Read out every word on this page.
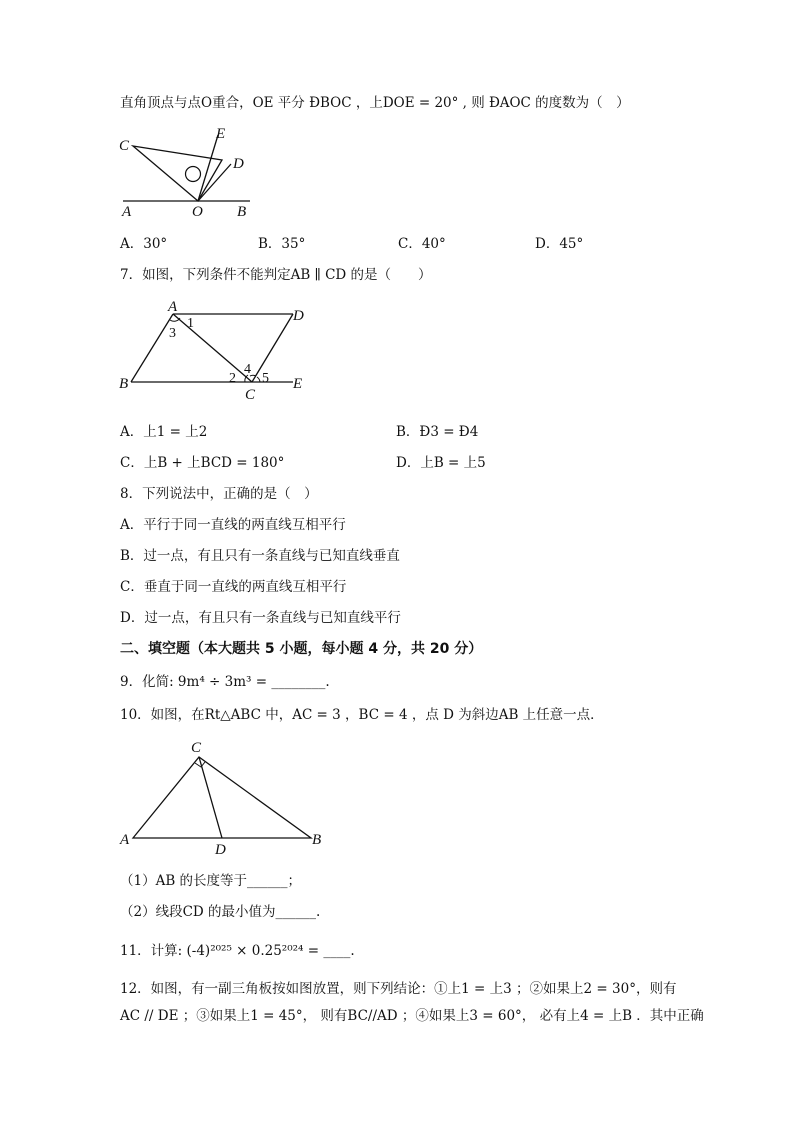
直角顶点与点O重合，OE 平分 ÐBOC ，上DOE = 20° , 则 ÐAOC 的度数为（　）
C
E
D
A	O B
A．30°	B．35°	C．40°	D．45°
7．如图，下列条件不能判定AB ∥ CD 的是（　　）
A
D
B
C
E
1
3
2
4
5
A．上1 = 上2	B．Ð3 = Ð4
C．上B + 上BCD = 180°	D．上B = 上5
8．下列说法中，正确的是（　）
A．平行于同一直线的两直线互相平行
B．过一点，有且只有一条直线与已知直线垂直
C．垂直于同一直线的两直线互相平行
D．过一点，有且只有一条直线与已知直线平行
二、填空题（本大题共 5 小题，每小题 4 分，共 20 分）
9．化简: 9m⁴ ÷ 3m³ = ________.
10．如图，在Rt△ABC 中，AC = 3 ，BC = 4 ，点 D 为斜边AB 上任意一点．
C
A
D
B
（1）AB 的长度等于______；
（2）线段CD 的最小值为______.
11．计算: (-4)²⁰²⁵ × 0.25²⁰²⁴ = ____.
12．如图，有一副三角板按如图放置，则下列结论：①上1 = 上3 ；②如果上2 = 30°，则有
AC // DE ；③如果上1 = 45°， 则有BC//AD ；④如果上3 = 60°， 必有上4 = 上B ．其中正确
